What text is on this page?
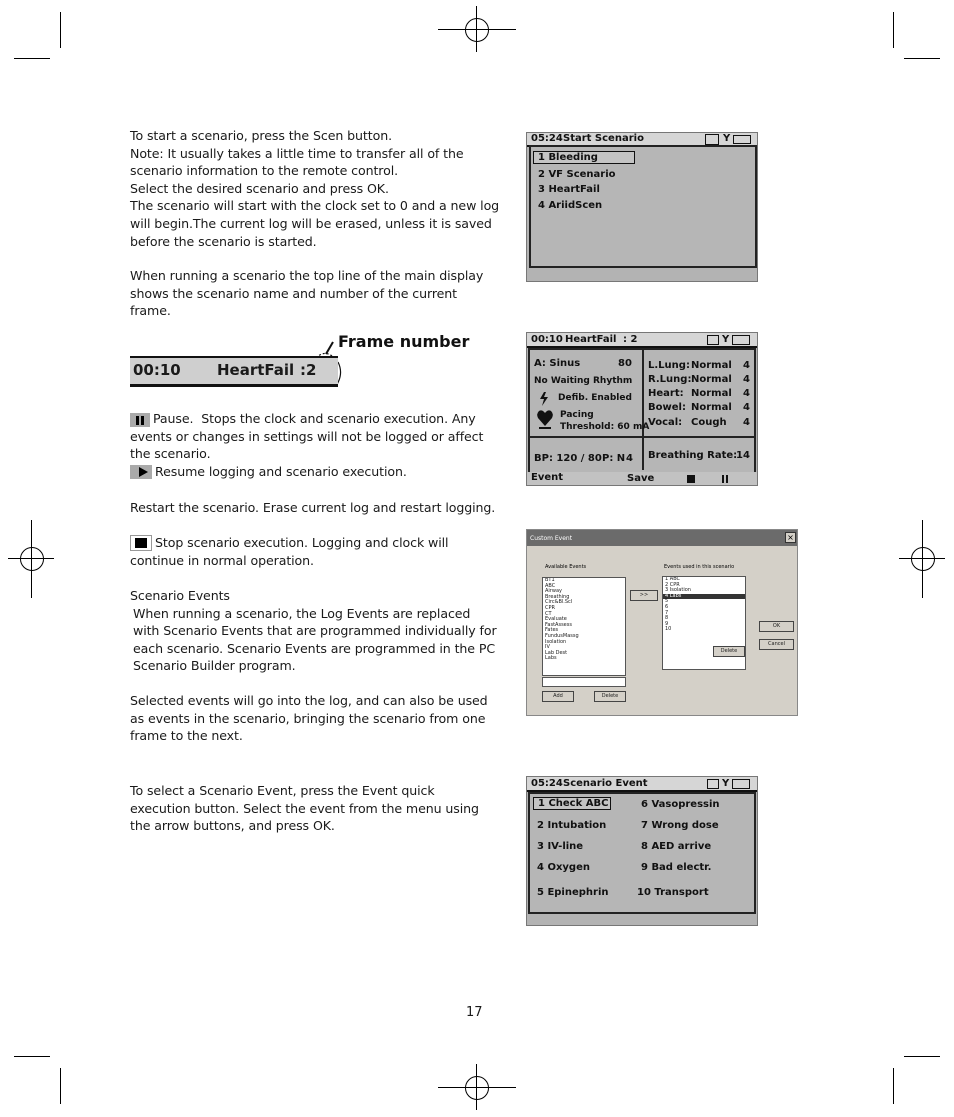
To start a scenario, press the Scen button.

Note: It usually takes a little time to transfer all of the scenario information to the remote control.

Select the desired scenario and press OK.

The scenario will start with the clock set to 0 and a new log will begin.The current log will be erased, unless it is saved before the scenario is started.

When running a scenario the top line of the main display shows the scenario name and number of the current frame.

Frame number
00:10 HeartFail :2

Pause. Stops the clock and scenario execution. Any events or changes in settings will not be logged or affect the scenario.

Resume logging and scenario execution.

Restart the scenario. Erase current log and restart logging.

Stop scenario execution. Logging and clock will continue in normal operation.

Scenario Events

When running a scenario, the Log Events are replaced with Scenario Events that are programmed individually for each scenario. Scenario Events are programmed in the PC Scenario Builder program.

Selected events will go into the log, and can also be used as events in the scenario, bringing the scenario from one frame to the next.

To select a Scenario Event, press the Event quick execution button. Select the event from the menu using the arrow buttons, and press OK.

05:24 Start Scenario	Y
1 Bleeding
2 VF Scenario
3 HeartFail
4 AriidScen
00:10 HeartFail : 2	Y
A: Sinus	80
No Waiting Rhythm
Defib. Enabled
Pacing
Threshold: 60 mA
L.Lung: Normal 4
R.Lung: Normal 4
Heart: Normal 4
Bowel: Normal 4
Vocal: Cough 4
BP: 120 / 80 P: N 4 Breathing Rate:
14
Event	Save
Custom Event	×
Available Events
BT1
ABC
Airway
Breathing
Circ&Bl.Scl
CPR
CT
Evaluate
FastAssess
Fates
FundusMassg
Isolation
IV
Lab Dest
Labs
>>
Events used in this scenario
1 ABC
2 CPR
3 Isolation
4 Labs
5
6
7
8
9
10
OK
Cancel
Delete
Add	Delete
05:24 Scenario Event	Y
1 Check ABC
2 Intubation
3 IV-line
4 Oxygen
5 Epinephrin
6 Vasopressin
7 Wrong dose
8 AED arrive
9 Bad electr.
10 Transport
17
